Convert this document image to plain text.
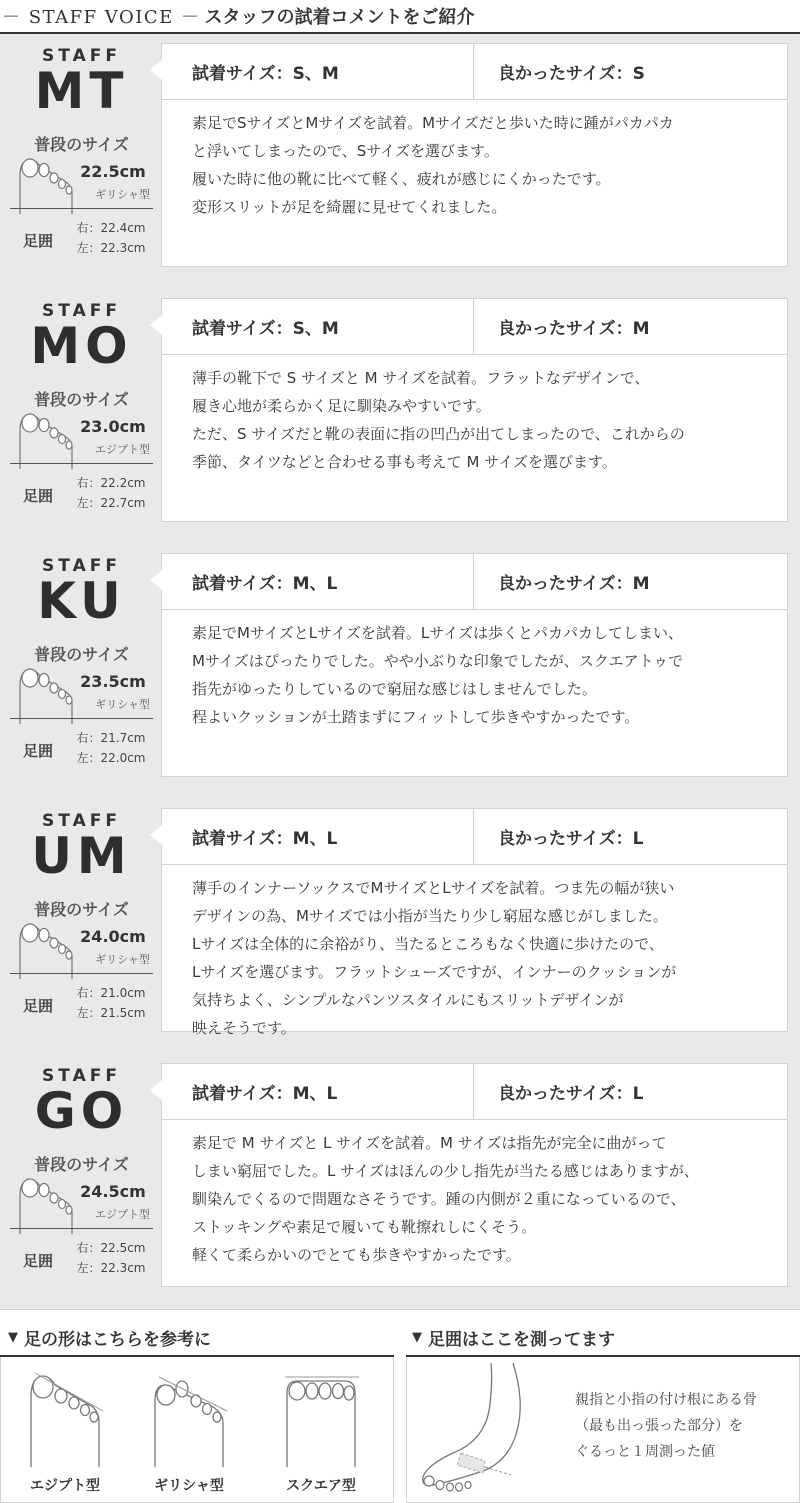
－ STAFF VOICE － スタッフの試着コメントをご紹介
STAFF
MT
普段のサイズ
22.5cm
ギリシャ型
足囲
右：22.4cm
左：22.3cm
試着サイズ：S、M	良かったサイズ：S

素足でSサイズとMサイズを試着。Mサイズだと歩いた時に踵がパカパカ

と浮いてしまったので、Sサイズを選びます。

履いた時に他の靴に比べて軽く、疲れが感じにくかったです。

変形スリットが足を綺麗に見せてくれました。

STAFF
MO
普段のサイズ
23.0cm
エジプト型
足囲
右：22.2cm
左：22.7cm
試着サイズ：S、M	良かったサイズ：M

薄手の靴下で S サイズと M サイズを試着。フラットなデザインで、

履き心地が柔らかく足に馴染みやすいです。

ただ、S サイズだと靴の表面に指の凹凸が出てしまったので、これからの

季節、タイツなどと合わせる事も考えて M サイズを選びます。

STAFF
KU
普段のサイズ
23.5cm
ギリシャ型
足囲
右：21.7cm
左：22.0cm
試着サイズ：M、L	良かったサイズ：M

素足でMサイズとLサイズを試着。Lサイズは歩くとパカパカしてしまい、

Mサイズはぴったりでした。やや小ぶりな印象でしたが、スクエアトゥで

指先がゆったりしているので窮屈な感じはしませんでした。

程よいクッションが土踏まずにフィットして歩きやすかったです。

STAFF
UM
普段のサイズ
24.0cm
ギリシャ型
足囲
右：21.0cm
左：21.5cm
試着サイズ：M、L	良かったサイズ：L

薄手のインナーソックスでMサイズとLサイズを試着。つま先の幅が狭い

デザインの為、Mサイズでは小指が当たり少し窮屈な感じがしました。

Lサイズは全体的に余裕がり、当たるところもなく快適に歩けたので、

Lサイズを選びます。フラットシューズですが、インナーのクッションが

気持ちよく、シンプルなパンツスタイルにもスリットデザインが

映えそうです。

STAFF
GO
普段のサイズ
24.5cm
エジプト型
足囲
右：22.5cm
左：22.3cm
試着サイズ：M、L	良かったサイズ：L

素足で M サイズと L サイズを試着。M サイズは指先が完全に曲がって

しまい窮屈でした。L サイズはほんの少し指先が当たる感じはありますが、

馴染んでくるので問題なさそうです。踵の内側が２重になっているので、

ストッキングや素足で履いても靴擦れしにくそう。

軽くて柔らかいのでとても歩きやすかったです。

▼ 足の形はこちらを参考に
エジプト型	ギリシャ型	スクエア型
▼ 足囲はここを測ってます

親指と小指の付け根にある骨

（最も出っ張った部分）を

ぐるっと１周測った値
